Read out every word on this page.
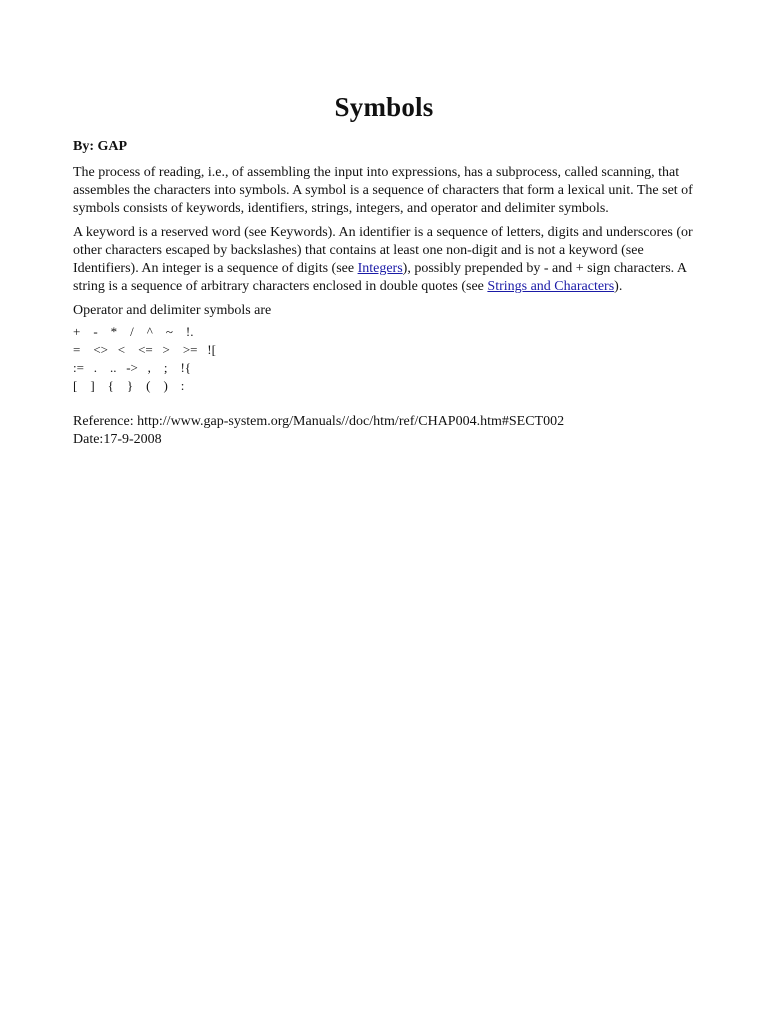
Symbols
By: GAP

The process of reading, i.e., of assembling the input into expressions, has a subprocess, called scanning, that assembles the characters into symbols. A symbol is a sequence of characters that form a lexical unit. The set of symbols consists of keywords, identifiers, strings, integers, and operator and delimiter symbols.

A keyword is a reserved word (see Keywords). An identifier is a sequence of letters, digits and underscores (or other characters escaped by backslashes) that contains at least one non-digit and is not a keyword (see Identifiers). An integer is a sequence of digits (see Integers), possibly prepended by - and + sign characters. A string is a sequence of arbitrary characters enclosed in double quotes (see Strings and Characters).

Operator and delimiter symbols are
+    -    *    /    ^    ~    !.
=    <>   <    <=   >    >=   ![
:=   .    ..   ->   ,    ;    !{
[    ]    {    }    (    )    :
Reference: http://www.gap-system.org/Manuals//doc/htm/ref/CHAP004.htm#SECT002
Date:17-9-2008
